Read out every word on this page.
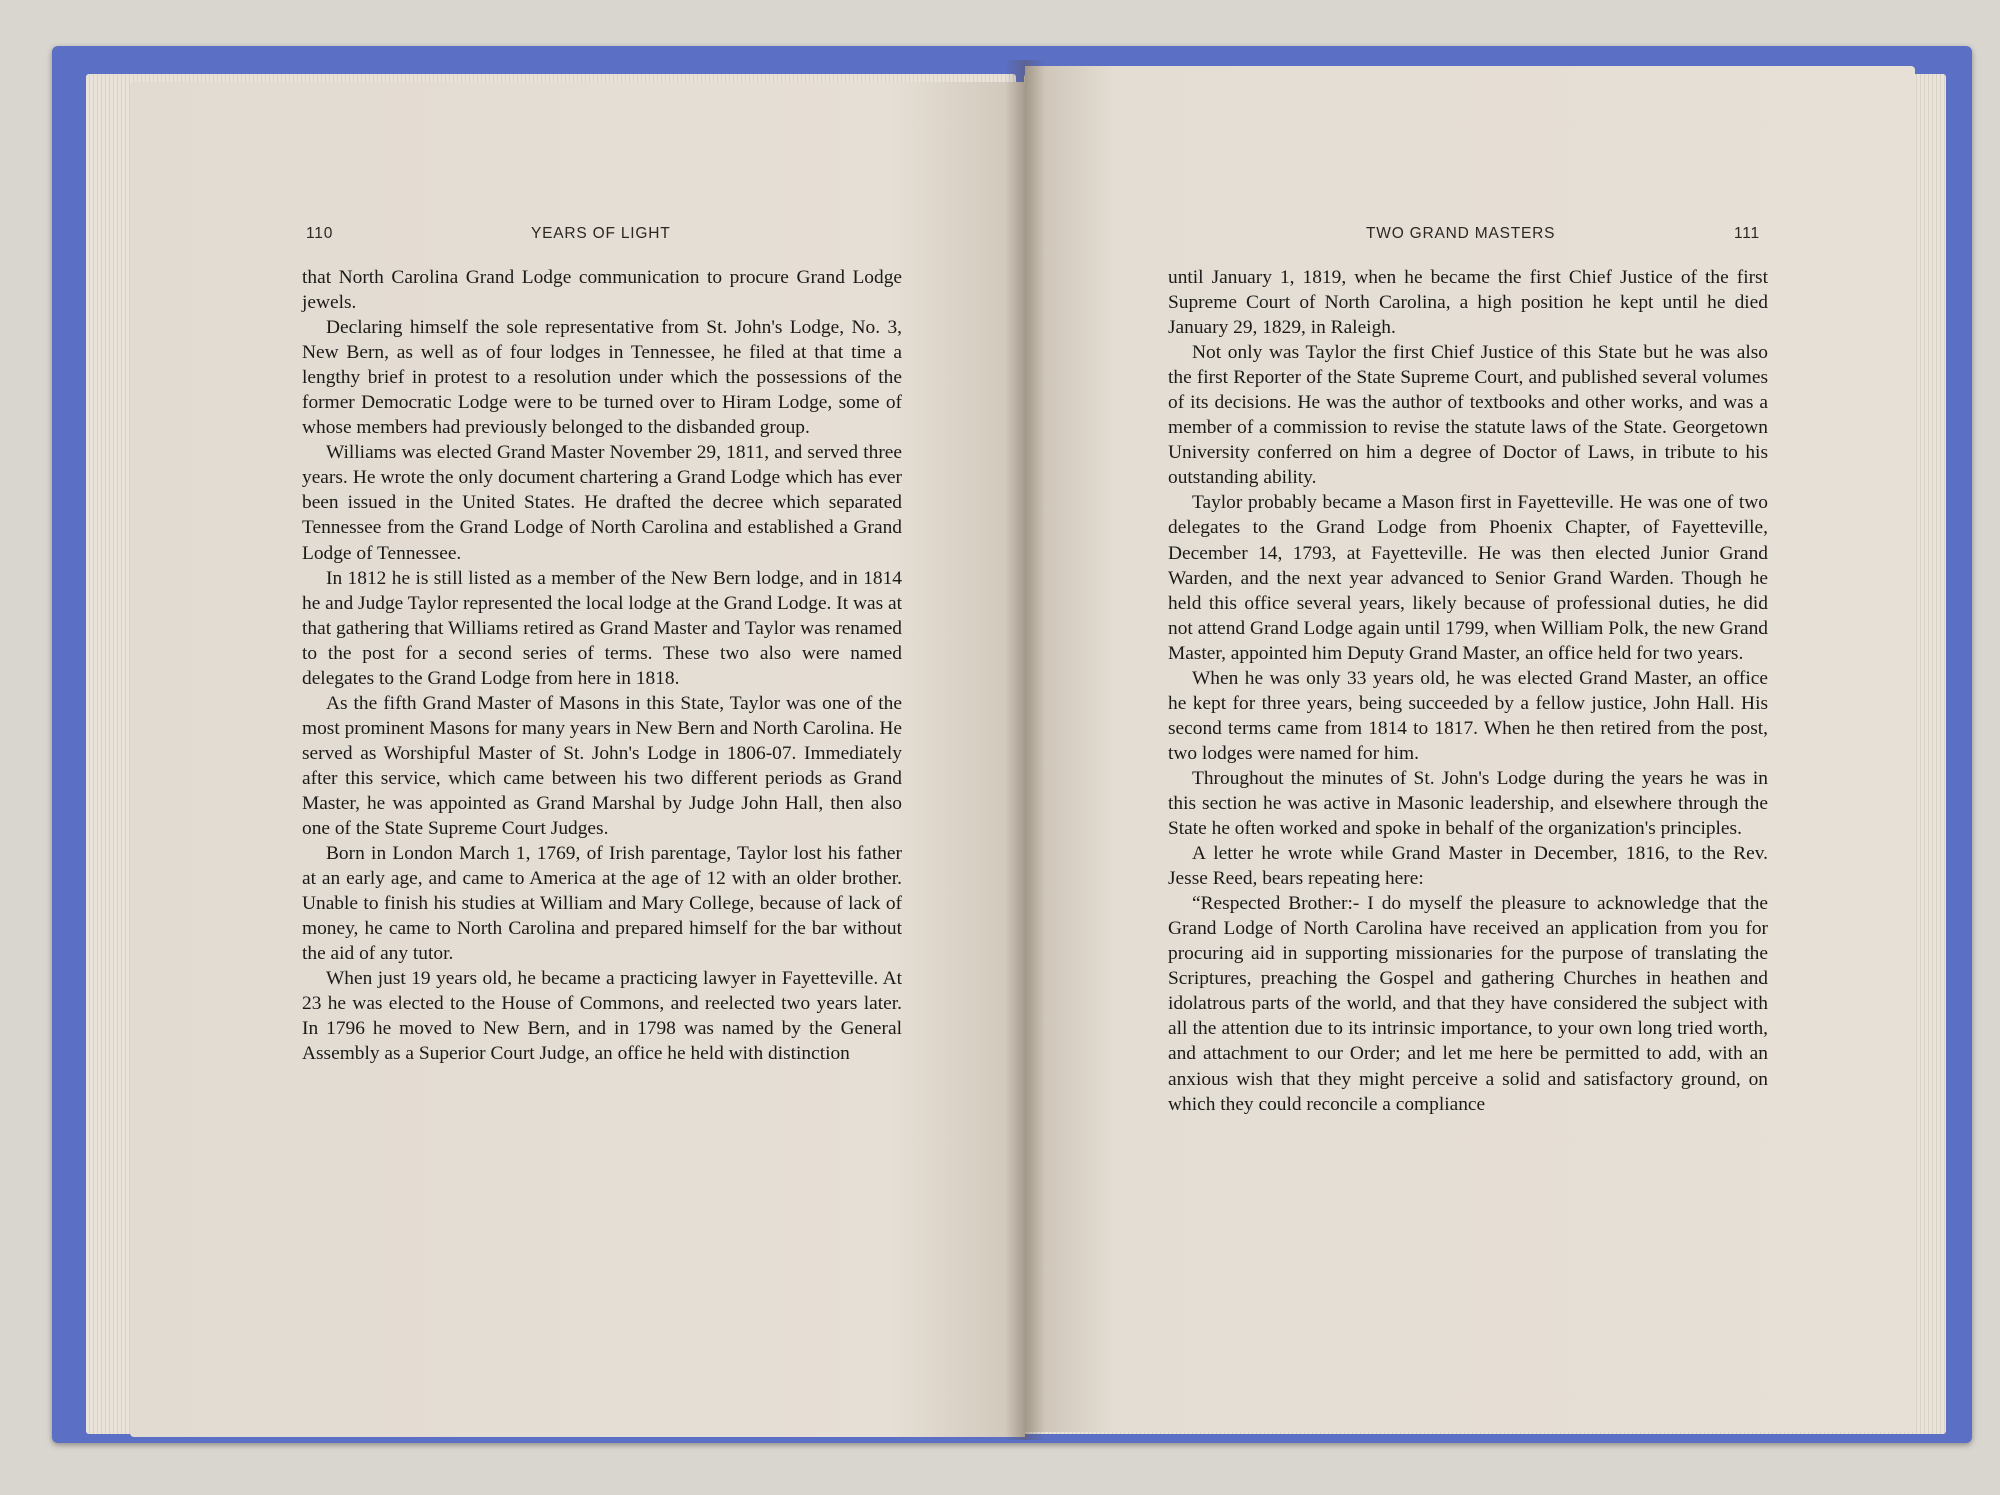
110	YEARS OF LIGHT	TWO GRAND MASTERS	111

that North Carolina Grand Lodge communication to procure Grand Lodge jewels.

Declaring himself the sole representative from St. John's Lodge, No. 3, New Bern, as well as of four lodges in Tennessee, he filed at that time a lengthy brief in protest to a resolution under which the possessions of the former Democratic Lodge were to be turned over to Hiram Lodge, some of whose members had previously belonged to the disbanded group.

Williams was elected Grand Master November 29, 1811, and served three years. He wrote the only document chartering a Grand Lodge which has ever been issued in the United States. He drafted the decree which separated Tennessee from the Grand Lodge of North Carolina and established a Grand Lodge of Tennessee.

In 1812 he is still listed as a member of the New Bern lodge, and in 1814 he and Judge Taylor represented the local lodge at the Grand Lodge. It was at that gathering that Williams retired as Grand Master and Taylor was renamed to the post for a second series of terms. These two also were named delegates to the Grand Lodge from here in 1818.

As the fifth Grand Master of Masons in this State, Taylor was one of the most prominent Masons for many years in New Bern and North Carolina. He served as Worshipful Master of St. John's Lodge in 1806-07. Immediately after this service, which came between his two different periods as Grand Master, he was appointed as Grand Marshal by Judge John Hall, then also one of the State Supreme Court Judges.

Born in London March 1, 1769, of Irish parentage, Taylor lost his father at an early age, and came to America at the age of 12 with an older brother. Unable to finish his studies at William and Mary College, because of lack of money, he came to North Carolina and prepared himself for the bar without the aid of any tutor.

When just 19 years old, he became a practicing lawyer in Fayetteville. At 23 he was elected to the House of Commons, and reelected two years later. In 1796 he moved to New Bern, and in 1798 was named by the General Assembly as a Superior Court Judge, an office he held with distinction

until January 1, 1819, when he became the first Chief Justice of the first Supreme Court of North Carolina, a high position he kept until he died January 29, 1829, in Raleigh.

Not only was Taylor the first Chief Justice of this State but he was also the first Reporter of the State Supreme Court, and published several volumes of its decisions. He was the author of textbooks and other works, and was a member of a commission to revise the statute laws of the State. Georgetown University conferred on him a degree of Doctor of Laws, in tribute to his outstanding ability.

Taylor probably became a Mason first in Fayetteville. He was one of two delegates to the Grand Lodge from Phoenix Chapter, of Fayetteville, December 14, 1793, at Fayetteville. He was then elected Junior Grand Warden, and the next year advanced to Senior Grand Warden. Though he held this office several years, likely because of professional duties, he did not attend Grand Lodge again until 1799, when William Polk, the new Grand Master, appointed him Deputy Grand Master, an office held for two years.

When he was only 33 years old, he was elected Grand Master, an office he kept for three years, being succeeded by a fellow justice, John Hall. His second terms came from 1814 to 1817. When he then retired from the post, two lodges were named for him.

Throughout the minutes of St. John's Lodge during the years he was in this section he was active in Masonic leadership, and elsewhere through the State he often worked and spoke in behalf of the organization's principles.

A letter he wrote while Grand Master in December, 1816, to the Rev. Jesse Reed, bears repeating here:

“Respected Brother:- I do myself the pleasure to acknowledge that the Grand Lodge of North Carolina have received an application from you for procuring aid in supporting missionaries for the purpose of translating the Scriptures, preaching the Gospel and gathering Churches in heathen and idolatrous parts of the world, and that they have considered the subject with all the attention due to its intrinsic importance, to your own long tried worth, and attachment to our Order; and let me here be permitted to add, with an anxious wish that they might perceive a solid and satisfactory ground, on which they could reconcile a compliance
